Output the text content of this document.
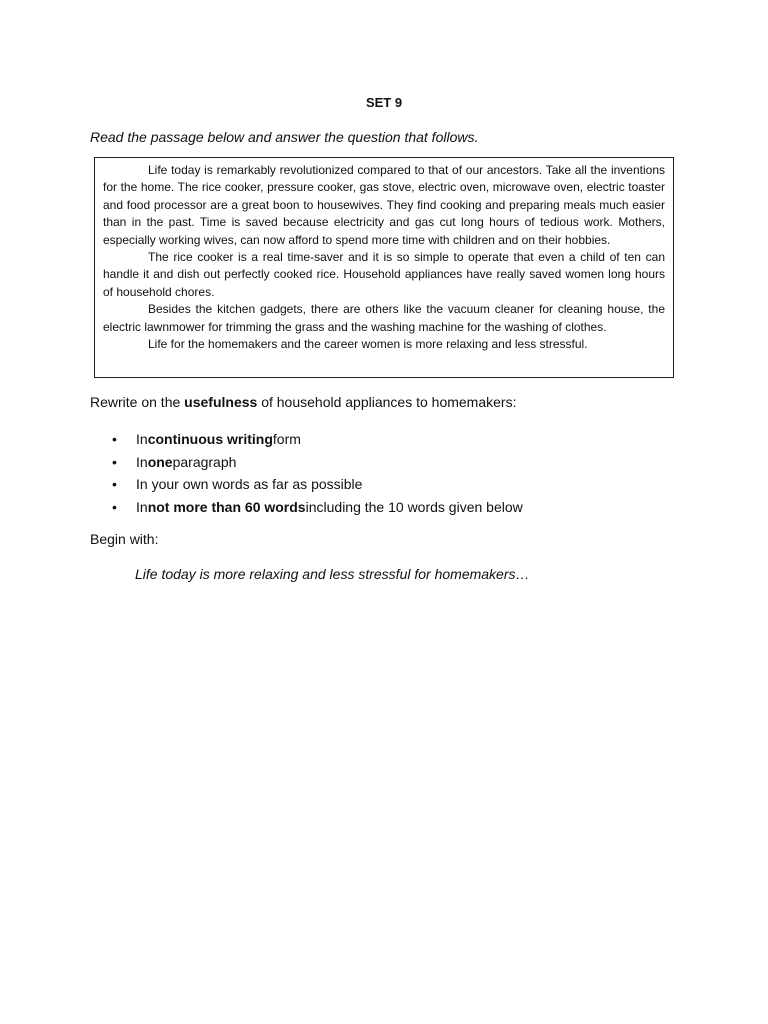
SET 9
Read the passage below and answer the question that follows.

Life today is remarkably revolutionized compared to that of our ancestors. Take all the inventions for the home. The rice cooker, pressure cooker, gas stove, electric oven, microwave oven, electric toaster and food processor are a great boon to housewives. They find cooking and preparing meals much easier than in the past. Time is saved because electricity and gas cut long hours of tedious work. Mothers, especially working wives, can now afford to spend more time with children and on their hobbies.

The rice cooker is a real time-saver and it is so simple to operate that even a child of ten can handle it and dish out perfectly cooked rice. Household appliances have really saved women long hours of household chores.

Besides the kitchen gadgets, there are others like the vacuum cleaner for cleaning house, the electric lawnmower for trimming the grass and the washing machine for the washing of clothes.

Life for the homemakers and the career women is more relaxing and less stressful.

Rewrite on the usefulness of household appliances to homemakers:
•	In continuous writing form
•	In one paragraph
•	In your own words as far as possible
•	In not more than 60 words including the 10 words given below
Begin with:
Life today is more relaxing and less stressful for homemakers…
